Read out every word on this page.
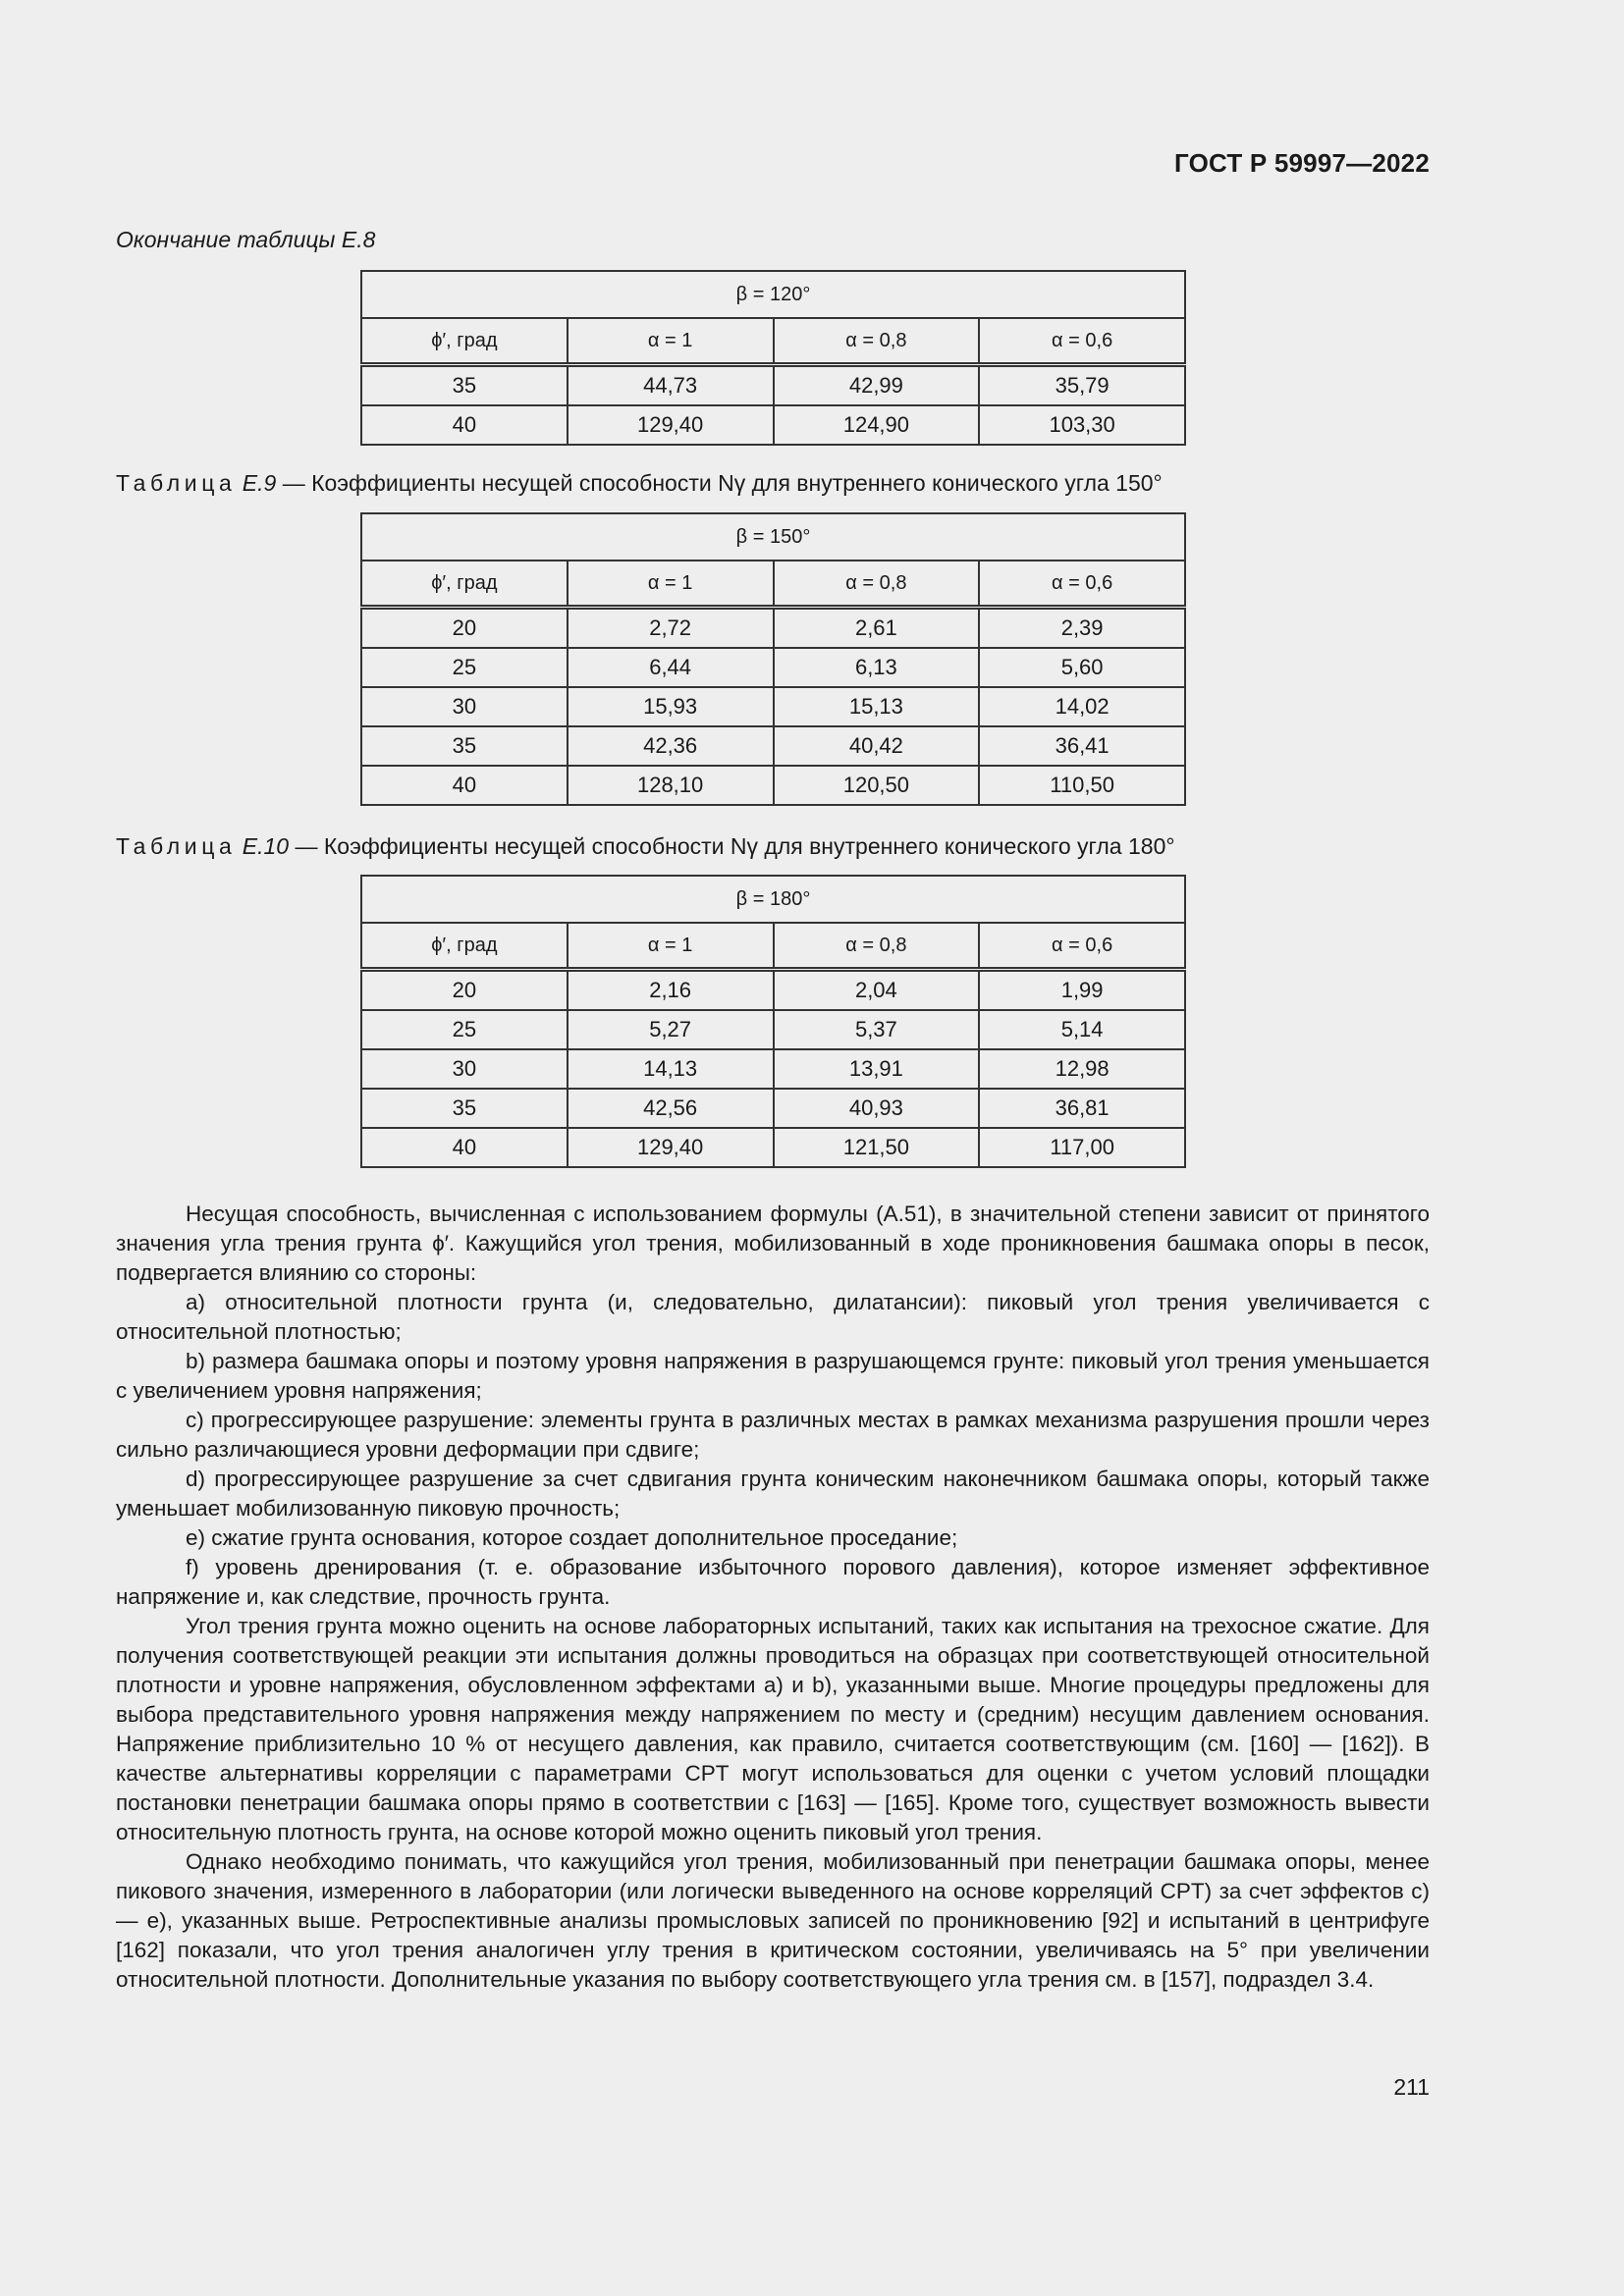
ГОСТ Р 59997—2022
Окончание таблицы Е.8
β = 120°			
ϕ′, град	α = 1	α = 0,8	α = 0,6
35	44,73	42,99	35,79
40	129,40	124,90	103,30
Таблица Е.9 — Коэффициенты несущей способности Nγ для внутреннего конического угла 150°
β = 150°			
ϕ′, град	α = 1	α = 0,8	α = 0,6
20	2,72	2,61	2,39
25	6,44	6,13	5,60
30	15,93	15,13	14,02
35	42,36	40,42	36,41
40	128,10	120,50	110,50
Таблица Е.10 — Коэффициенты несущей способности Nγ для внутреннего конического угла 180°
β = 180°			
ϕ′, град	α = 1	α = 0,8	α = 0,6
20	2,16	2,04	1,99
25	5,27	5,37	5,14
30	14,13	13,91	12,98
35	42,56	40,93	36,81
40	129,40	121,50	117,00

Несущая способность, вычисленная с использованием формулы (А.51), в значительной степени зависит от принятого значения угла трения грунта ϕ′. Кажущийся угол трения, мобилизованный в ходе проникновения башмака опоры в песок, подвергается влиянию со стороны:

a) относительной плотности грунта (и, следовательно, дилатансии): пиковый угол трения увеличивается с относительной плотностью;

b) размера башмака опоры и поэтому уровня напряжения в разрушающемся грунте: пиковый угол трения уменьшается с увеличением уровня напряжения;

c) прогрессирующее разрушение: элементы грунта в различных местах в рамках механизма разрушения прошли через сильно различающиеся уровни деформации при сдвиге;

d) прогрессирующее разрушение за счет сдвигания грунта коническим наконечником башмака опоры, который также уменьшает мобилизованную пиковую прочность;

e) сжатие грунта основания, которое создает дополнительное проседание;

f) уровень дренирования (т. е. образование избыточного порового давления), которое изменяет эффективное напряжение и, как следствие, прочность грунта.

Угол трения грунта можно оценить на основе лабораторных испытаний, таких как испытания на трехосное сжатие. Для получения соответствующей реакции эти испытания должны проводиться на образцах при соответствующей относительной плотности и уровне напряжения, обусловленном эффектами a) и b), указанными выше. Многие процедуры предложены для выбора представительного уровня напряжения между напряжением по месту и (средним) несущим давлением основания. Напряжение приблизительно 10 % от несущего давления, как правило, считается соответствующим (см. [160] — [162]). В качестве альтернативы корреляции с параметрами CPT могут использоваться для оценки с учетом условий площадки постановки пенетрации башмака опоры прямо в соответствии с [163] — [165]. Кроме того, существует возможность вывести относительную плотность грунта, на основе которой можно оценить пиковый угол трения.

Однако необходимо понимать, что кажущийся угол трения, мобилизованный при пенетрации башмака опоры, менее пикового значения, измеренного в лаборатории (или логически выведенного на основе корреляций CPT) за счет эффектов c) — e), указанных выше. Ретроспективные анализы промысловых записей по проникновению [92] и испытаний в центрифуге [162] показали, что угол трения аналогичен углу трения в критическом состоянии, увеличиваясь на 5° при увеличении относительной плотности. Дополнительные указания по выбору соответствующего угла трения см. в [157], подраздел 3.4.

211
